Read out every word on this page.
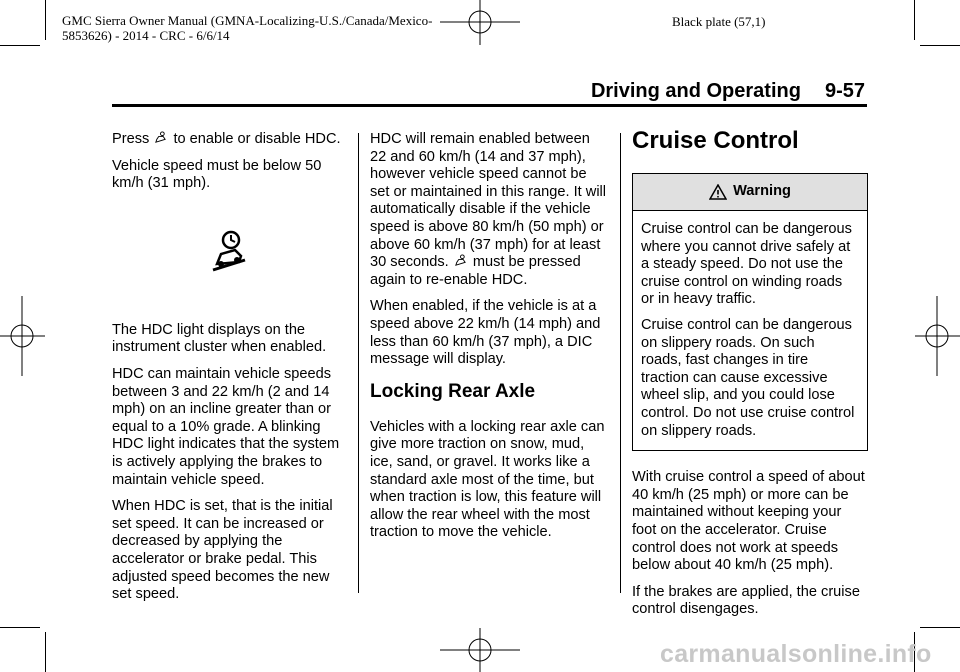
GMC Sierra Owner Manual (GMNA-Localizing-U.S./Canada/Mexico-
5853626) - 2014 - CRC - 6/6/14
Black plate (57,1)
Driving and Operating 9-57

Press to enable or disable HDC.

Vehicle speed must be below 50 km/h (31 mph).

The HDC light displays on the instrument cluster when enabled.

HDC can maintain vehicle speeds between 3 and 22 km/h (2 and 14 mph) on an incline greater than or equal to a 10% grade. A blinking HDC light indicates that the system is actively applying the brakes to maintain vehicle speed.

When HDC is set, that is the initial set speed. It can be increased or decreased by applying the accelerator or brake pedal. This adjusted speed becomes the new set speed.

HDC will remain enabled between 22 and 60 km/h (14 and 37 mph), however vehicle speed cannot be set or maintained in this range. It will automatically disable if the vehicle speed is above 80 km/h (50 mph) or above 60 km/h (37 mph) for at least 30 seconds. must be pressed again to re-enable HDC.

When enabled, if the vehicle is at a speed above 22 km/h (14 mph) and less than 60 km/h (37 mph), a DIC message will display.

Locking Rear Axle

Vehicles with a locking rear axle can give more traction on snow, mud, ice, sand, or gravel. It works like a standard axle most of the time, but when traction is low, this feature will allow the rear wheel with the most traction to move the vehicle.

Cruise Control
Warning

Cruise control can be dangerous where you cannot drive safely at a steady speed. Do not use the cruise control on winding roads or in heavy traffic.

Cruise control can be dangerous on slippery roads. On such roads, fast changes in tire traction can cause excessive wheel slip, and you could lose control. Do not use cruise control on slippery roads.

With cruise control a speed of about 40 km/h (25 mph) or more can be maintained without keeping your foot on the accelerator. Cruise control does not work at speeds below about 40 km/h (25 mph).

If the brakes are applied, the cruise control disengages.

carmanualsonline.info
